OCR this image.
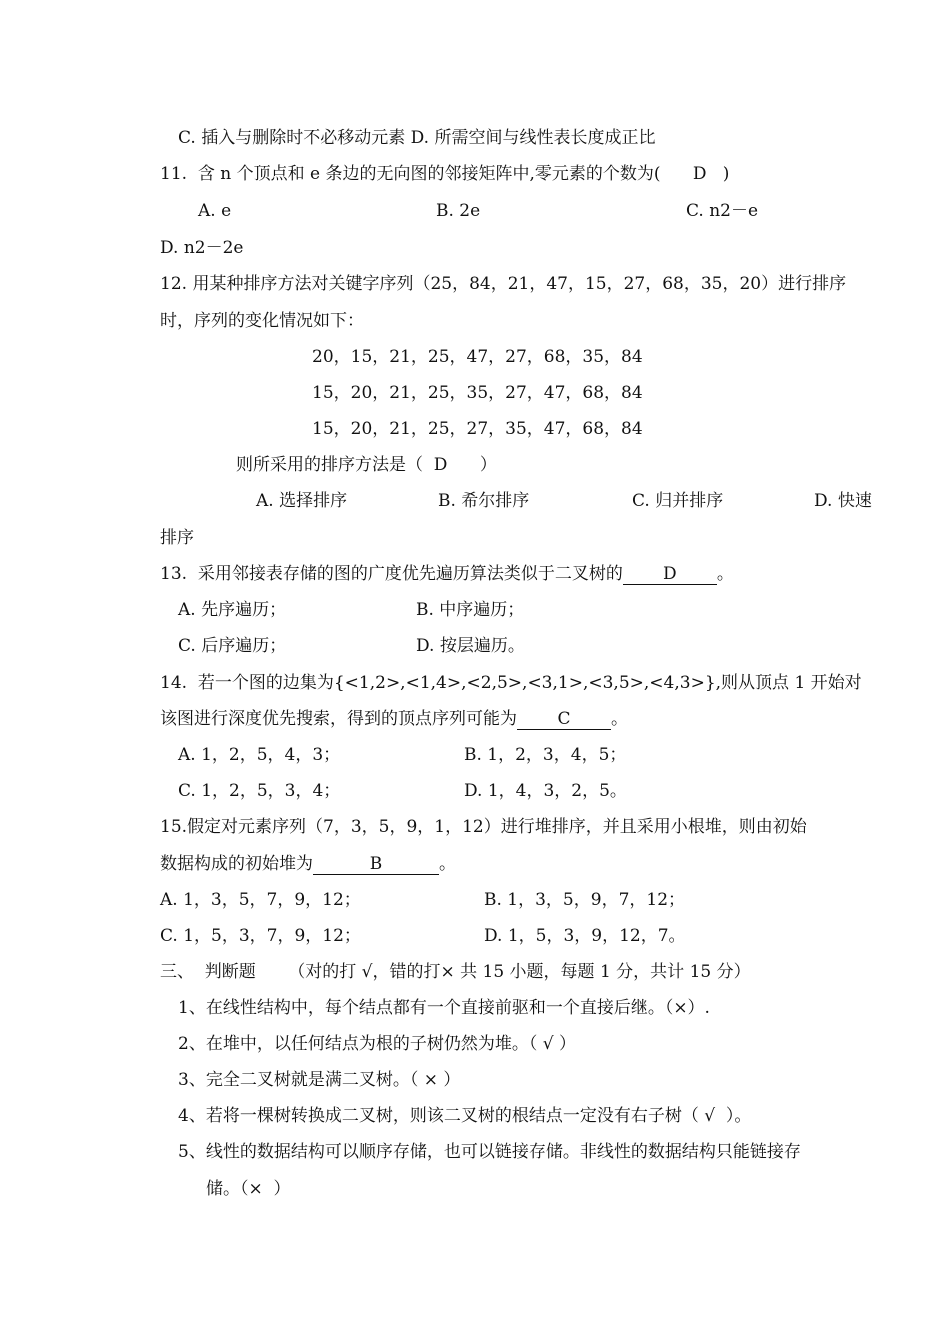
C. 插入与删除时不必移动元素 D. 所需空间与线性表长度成正比
11.  含 n 个顶点和 e 条边的无向图的邻接矩阵中,零元素的个数为(      D   )
A. e	B. 2e	C. n2－e
D. n2－2e
12. 用某种排序方法对关键字序列（25，84，21，47，15，27，68，35，20）进行排序
时，序列的变化情况如下：
20，15，21，25，47，27，68，35，84
15，20，21，25，35，27，47，68，84
15，20，21，25，27，35，47，68，84
则所采用的排序方法是（  D      ）
A. 选择排序	B. 希尔排序	C. 归并排序	D. 快速
排序
13.  采用邻接表存储的图的广度优先遍历算法类似于二叉树的 D 。
A. 先序遍历；	B. 中序遍历；
C. 后序遍历；	D. 按层遍历。
14.  若一个图的边集为{<1,2>,<1,4>,<2,5>,<3,1>,<3,5>,<4,3>},则从顶点 1 开始对
该图进行深度优先搜索，得到的顶点序列可能为 C 。
A. 1，2，5，4，3；	B. 1，2，3，4，5；
C. 1，2，5，3，4；	D. 1，4，3，2，5。
15.假定对元素序列（7，3，5，9，1，12）进行堆排序，并且采用小根堆，则由初始
数据构成的初始堆为	B	。
A. 1，3，5，7，9，12；	B. 1，3，5，9，7，12；
C. 1，5，3，7，9，12；	D. 1，5，3，9，12，7。
三、  判断题      （对的打 √，错的打× 共 15 小题，每题 1 分，共计 15 分）
1、在线性结构中，每个结点都有一个直接前驱和一个直接后继。（×）.
2、在堆中，以任何结点为根的子树仍然为堆。（ √ ）
3、完全二叉树就是满二叉树。（ × ）
4、若将一棵树转换成二叉树，则该二叉树的根结点一定没有右子树（ √  ）。
5、线性的数据结构可以顺序存储，也可以链接存储。非线性的数据结构只能链接存
储。（×  ）
